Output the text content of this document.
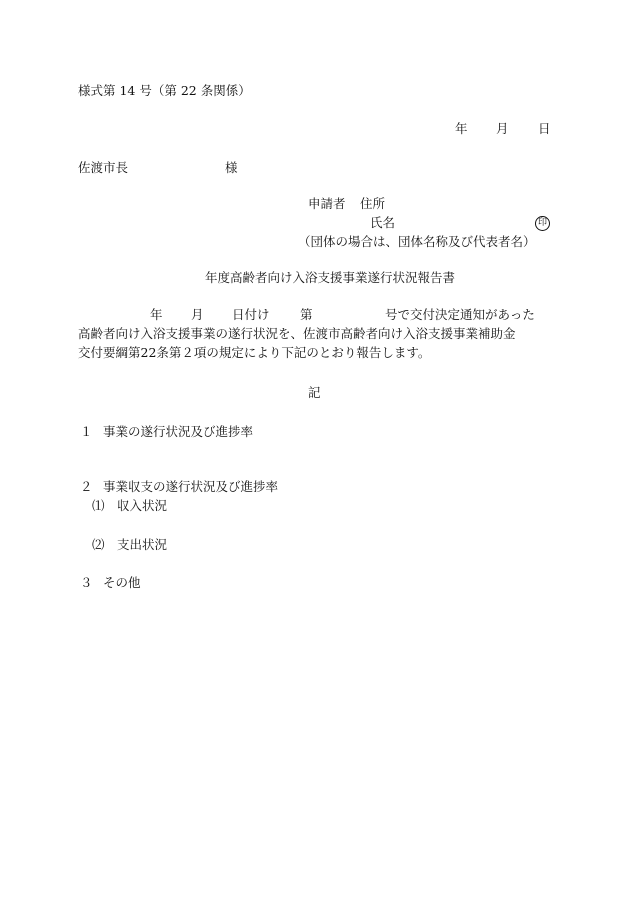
様式第 14 号（第 22 条関係）
年 月 日
佐渡市長	様
申請者 住所
氏名	印
（団体の場合は、団体名称及び代表者名）
年度高齢者向け入浴支援事業遂行状況報告書
年 月 日付け 第	号で交付決定通知があった
高齢者向け入浴支援事業の遂行状況を、佐渡市高齢者向け入浴支援事業補助金
交付要綱第22条第２項の規定により下記のとおり報告します。
記
１ 事業の遂行状況及び進捗率
２ 事業収支の遂行状況及び進捗率
⑴ 収入状況
⑵ 支出状況
３ その他
